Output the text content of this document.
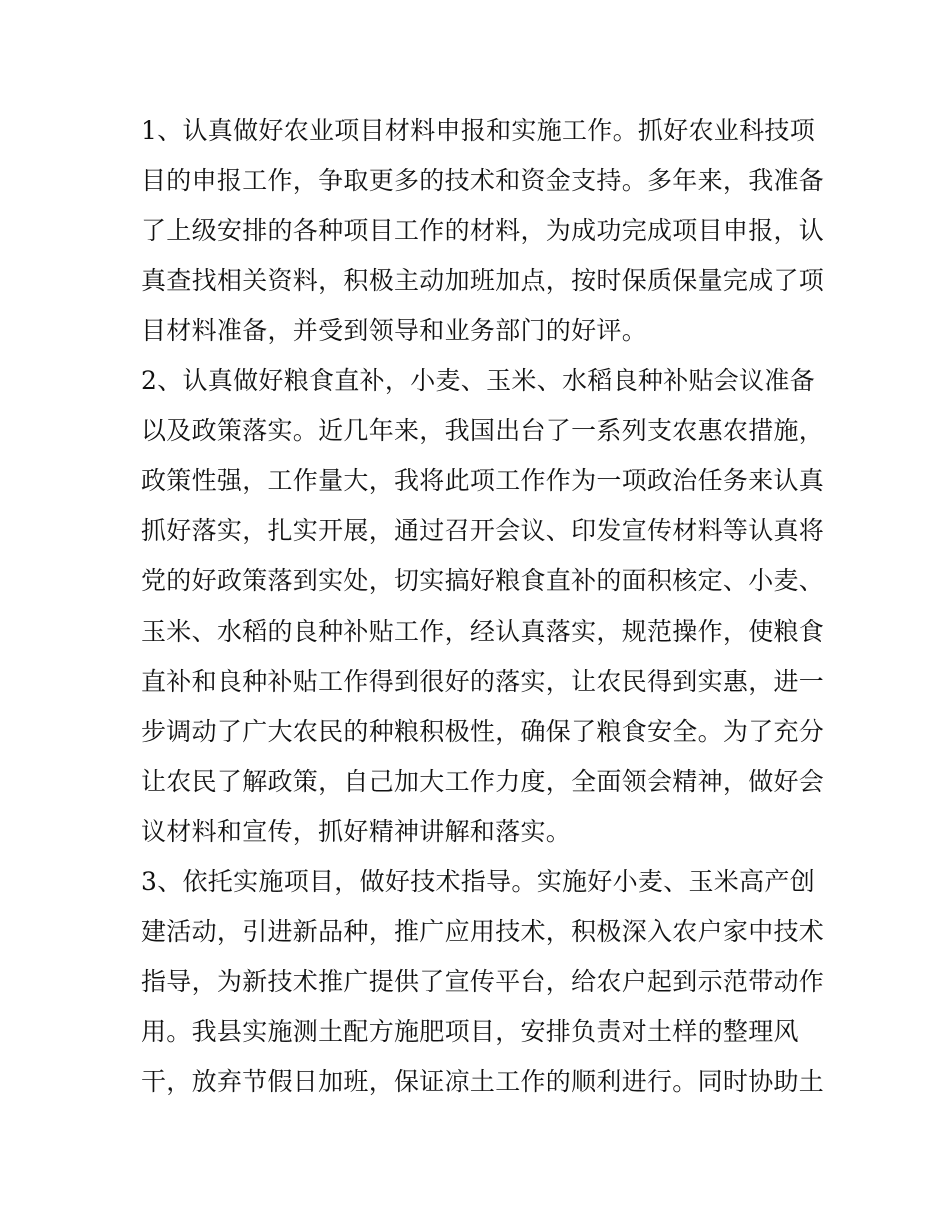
1、认真做好农业项目材料申报和实施工作。抓好农业科技项
目的申报工作，争取更多的技术和资金支持。多年来，我准备
了上级安排的各种项目工作的材料，为成功完成项目申报，认
真查找相关资料，积极主动加班加点，按时保质保量完成了项
目材料准备，并受到领导和业务部门的好评。
2、认真做好粮食直补，小麦、玉米、水稻良种补贴会议准备
以及政策落实。近几年来，我国出台了一系列支农惠农措施，
政策性强，工作量大，我将此项工作作为一项政治任务来认真
抓好落实，扎实开展，通过召开会议、印发宣传材料等认真将
党的好政策落到实处，切实搞好粮食直补的面积核定、小麦、
玉米、水稻的良种补贴工作，经认真落实，规范操作，使粮食
直补和良种补贴工作得到很好的落实，让农民得到实惠，进一
步调动了广大农民的种粮积极性，确保了粮食安全。为了充分
让农民了解政策，自己加大工作力度，全面领会精神，做好会
议材料和宣传，抓好精神讲解和落实。
3、依托实施项目，做好技术指导。实施好小麦、玉米高产创
建活动，引进新品种，推广应用技术，积极深入农户家中技术
指导，为新技术推广提供了宣传平台，给农户起到示范带动作
用。我县实施测土配方施肥项目，安排负责对土样的整理风
干，放弃节假日加班，保证凉土工作的顺利进行。同时协助土
